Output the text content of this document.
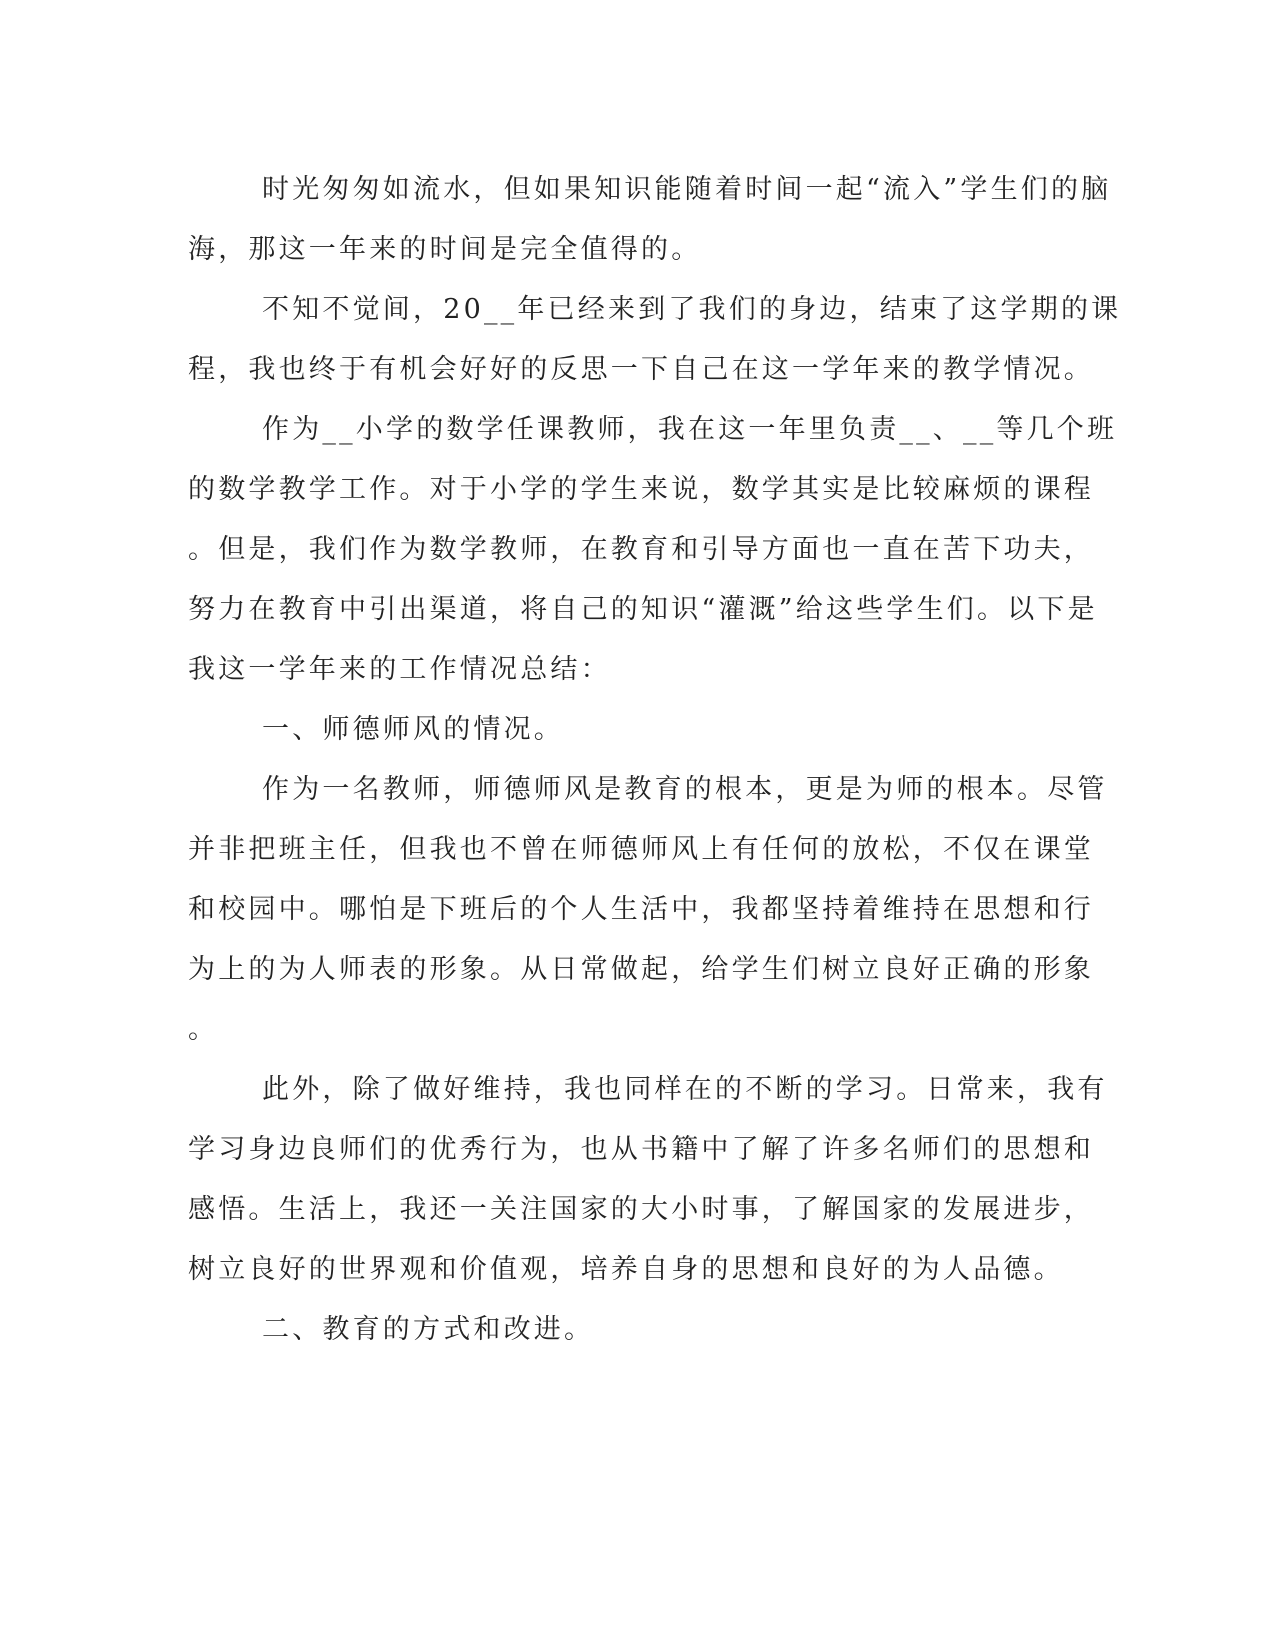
时光匆匆如流水，但如果知识能随着时间一起“流入”学生们的脑
海，那这一年来的时间是完全值得的。
不知不觉间，20__年已经来到了我们的身边，结束了这学期的课
程，我也终于有机会好好的反思一下自己在这一学年来的教学情况。
作为__小学的数学任课教师，我在这一年里负责__、__等几个班
的数学教学工作。对于小学的学生来说，数学其实是比较麻烦的课程
。但是，我们作为数学教师，在教育和引导方面也一直在苦下功夫，
努力在教育中引出渠道，将自己的知识“灌溉”给这些学生们。以下是
我这一学年来的工作情况总结：
一、师德师风的情况。
作为一名教师，师德师风是教育的根本，更是为师的根本。尽管
并非把班主任，但我也不曾在师德师风上有任何的放松，不仅在课堂
和校园中。哪怕是下班后的个人生活中，我都坚持着维持在思想和行
为上的为人师表的形象。从日常做起，给学生们树立良好正确的形象
。
此外，除了做好维持，我也同样在的不断的学习。日常来，我有
学习身边良师们的优秀行为，也从书籍中了解了许多名师们的思想和
感悟。生活上，我还一关注国家的大小时事，了解国家的发展进步，
树立良好的世界观和价值观，培养自身的思想和良好的为人品德。
二、教育的方式和改进。
